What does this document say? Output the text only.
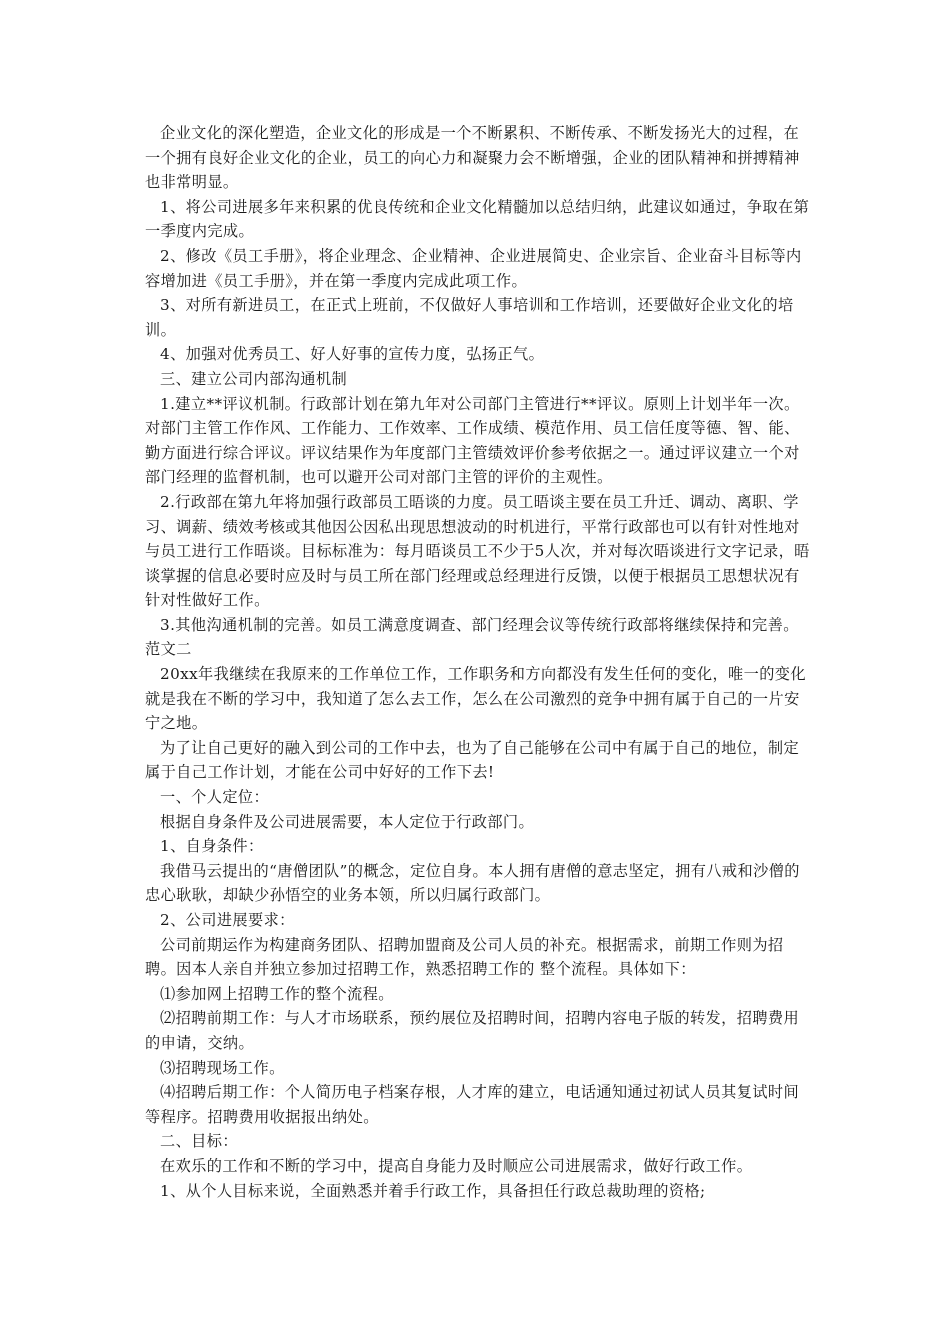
企业文化的深化塑造，企业文化的形成是一个不断累积、不断传承、不断发扬光大的过程，在一个拥有良好企业文化的企业，员工的向心力和凝聚力会不断增强，企业的团队精神和拼搏精神也非常明显。

1、将公司进展多年来积累的优良传统和企业文化精髓加以总结归纳，此建议如通过，争取在第一季度内完成。

2、修改《员工手册》，将企业理念、企业精神、企业进展简史、企业宗旨、企业奋斗目标等内容增加进《员工手册》，并在第一季度内完成此项工作。

3、对所有新进员工，在正式上班前，不仅做好人事培训和工作培训，还要做好企业文化的培训。

4、加强对优秀员工、好人好事的宣传力度，弘扬正气。

三、建立公司内部沟通机制

1.建立**评议机制。行政部计划在第九年对公司部门主管进行**评议。原则上计划半年一次。对部门主管工作作风、工作能力、工作效率、工作成绩、模范作用、员工信任度等德、智、能、勤方面进行综合评议。评议结果作为年度部门主管绩效评价参考依据之一。通过评议建立一个对部门经理的监督机制，也可以避开公司对部门主管的评价的主观性。

2.行政部在第九年将加强行政部员工晤谈的力度。员工晤谈主要在员工升迁、调动、离职、学习、调薪、绩效考核或其他因公因私出现思想波动的时机进行，平常行政部也可以有针对性地对与员工进行工作晤谈。目标标准为：每月晤谈员工不少于5人次，并对每次晤谈进行文字记录，晤谈掌握的信息必要时应及时与员工所在部门经理或总经理进行反馈，以便于根据员工思想状况有针对性做好工作。

3.其他沟通机制的完善。如员工满意度调查、部门经理会议等传统行政部将继续保持和完善。

范文二

20xx年我继续在我原来的工作单位工作，工作职务和方向都没有发生任何的变化，唯一的变化就是我在不断的学习中，我知道了怎么去工作，怎么在公司激烈的竞争中拥有属于自己的一片安宁之地。

为了让自己更好的融入到公司的工作中去，也为了自己能够在公司中有属于自己的地位，制定属于自己工作计划，才能在公司中好好的工作下去!

一、个人定位：

根据自身条件及公司进展需要，本人定位于行政部门。

1、自身条件：

我借马云提出的“唐僧团队”的概念，定位自身。本人拥有唐僧的意志坚定，拥有八戒和沙僧的忠心耿耿，却缺少孙悟空的业务本领，所以归属行政部门。

2、公司进展要求：

公司前期运作为构建商务团队、招聘加盟商及公司人员的补充。根据需求，前期工作则为招聘。因本人亲自并独立参加过招聘工作，熟悉招聘工作的 整个流程。具体如下：

⑴参加网上招聘工作的整个流程。

⑵招聘前期工作：与人才市场联系，预约展位及招聘时间，招聘内容电子版的转发，招聘费用的申请，交纳。

⑶招聘现场工作。

⑷招聘后期工作：个人简历电子档案存根，人才库的建立，电话通知通过初试人员其复试时间等程序。招聘费用收据报出纳处。

二、目标：

在欢乐的工作和不断的学习中，提高自身能力及时顺应公司进展需求，做好行政工作。

1、从个人目标来说，全面熟悉并着手行政工作，具备担任行政总裁助理的资格;
